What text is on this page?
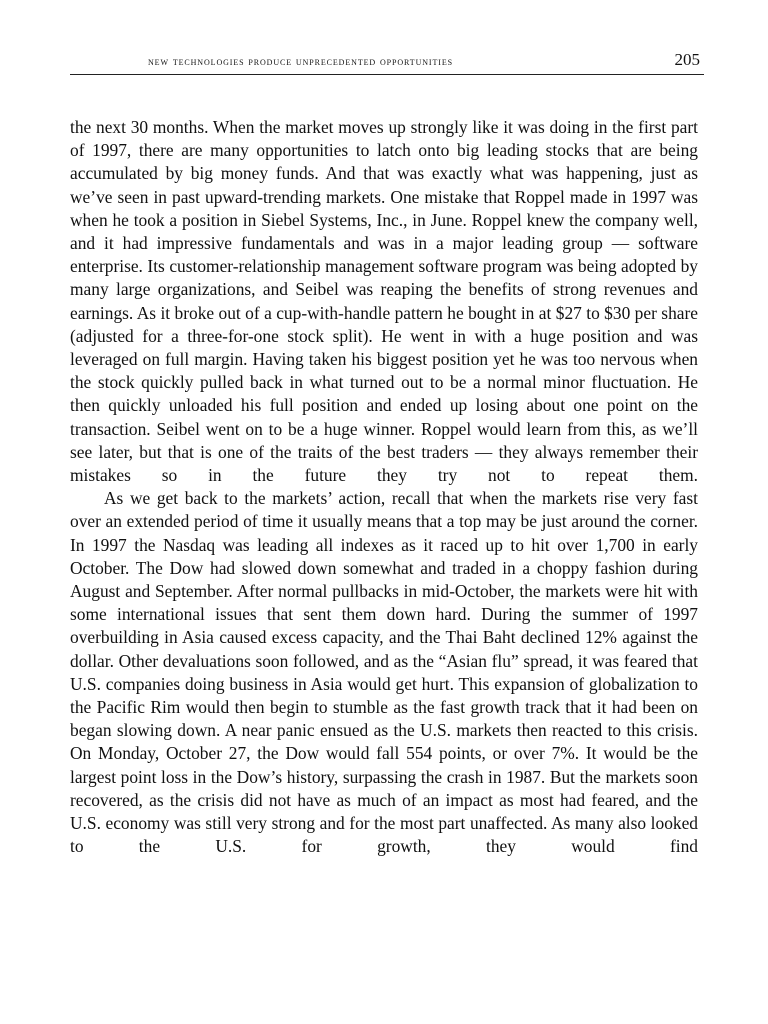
new technologies produce unprecedented opportunities	205

the next 30 months. When the market moves up strongly like it was doing in the first part of 1997, there are many opportunities to latch onto big leading stocks that are being accumulated by big money funds. And that was exactly what was happening, just as we’ve seen in past upward-trending markets. One mistake that Roppel made in 1997 was when he took a position in Siebel Systems, Inc., in June. Roppel knew the company well, and it had impressive fundamentals and was in a major leading group — software enterprise. Its customer-relationship management software program was being adopted by many large organizations, and Seibel was reaping the benefits of strong revenues and earnings. As it broke out of a cup-with-handle pattern he bought in at $27 to $30 per share (adjusted for a three-for-one stock split). He went in with a huge position and was leveraged on full margin. Having taken his biggest position yet he was too nervous when the stock quickly pulled back in what turned out to be a normal minor fluctuation. He then quickly unloaded his full position and ended up losing about one point on the transaction. Seibel went on to be a huge winner. Roppel would learn from this, as we’ll see later, but that is one of the traits of the best traders — they always remember their mistakes so in the future they try not to repeat them.

As we get back to the markets’ action, recall that when the markets rise very fast over an extended period of time it usually means that a top may be just around the corner. In 1997 the Nasdaq was leading all indexes as it raced up to hit over 1,700 in early October. The Dow had slowed down somewhat and traded in a choppy fashion during August and September. After normal pullbacks in mid-October, the markets were hit with some international issues that sent them down hard. During the summer of 1997 overbuilding in Asia caused excess capacity, and the Thai Baht declined 12% against the dollar. Other devaluations soon followed, and as the “Asian flu” spread, it was feared that U.S. companies doing business in Asia would get hurt. This expansion of globalization to the Pacific Rim would then begin to stumble as the fast growth track that it had been on began slowing down. A near panic ensued as the U.S. markets then reacted to this crisis. On Monday, October 27, the Dow would fall 554 points, or over 7%. It would be the largest point loss in the Dow’s history, surpassing the crash in 1987. But the markets soon recovered, as the crisis did not have as much of an impact as most had feared, and the U.S. economy was still very strong and for the most part unaffected. As many also looked to the U.S. for growth, they would find
